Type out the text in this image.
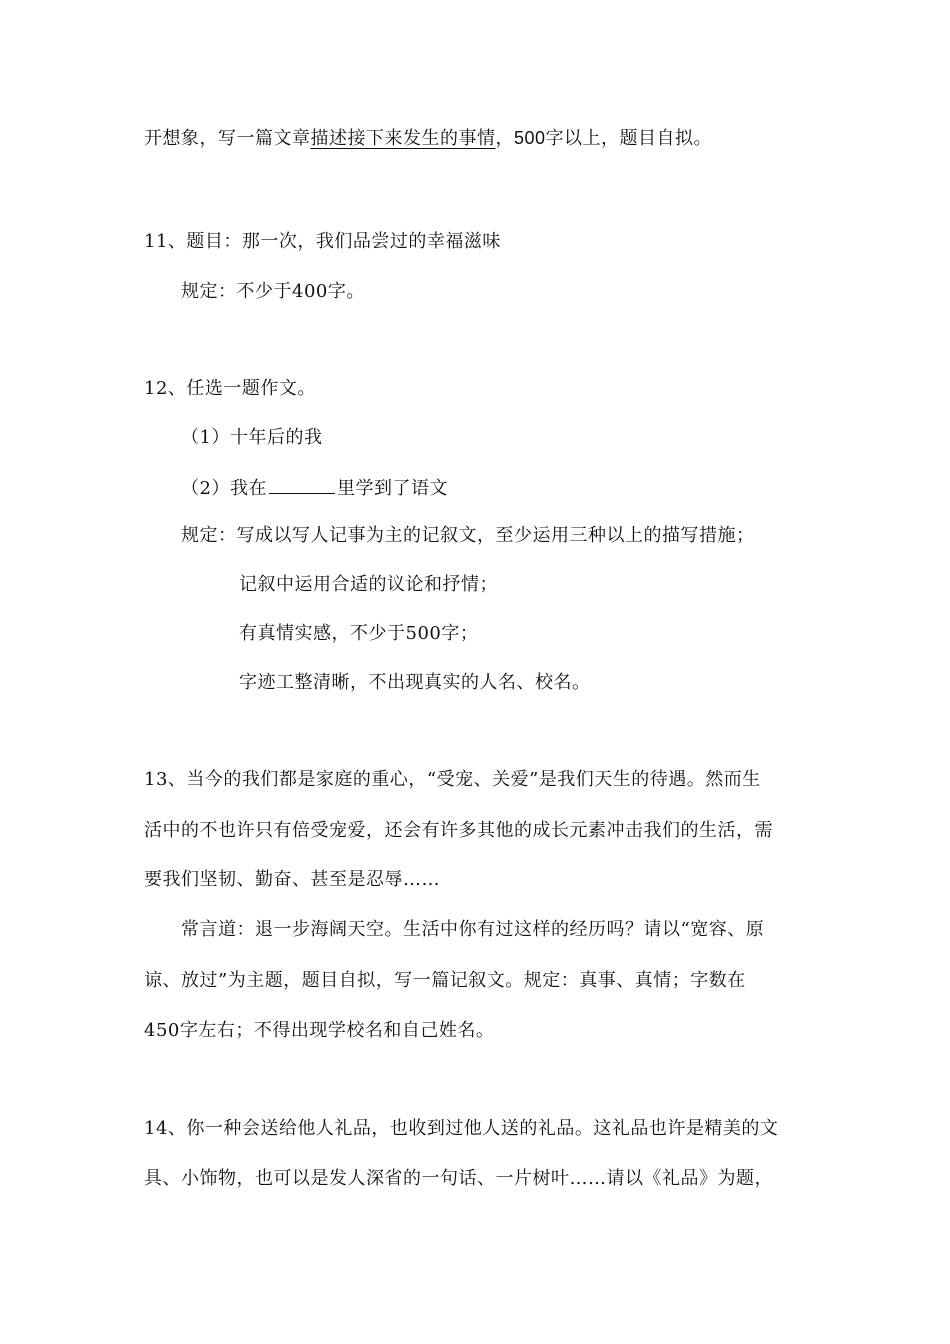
开想象，写一篇文章描述接下来发生的事情，500字以上，题目自拟。
11、题目：那一次，我们品尝过的幸福滋味
规定：不少于400字。
12、任选一题作文。
（1）十年后的我
（2）我在	里学到了语文
规定：写成以写人记事为主的记叙文，至少运用三种以上的描写措施；
记叙中运用合适的议论和抒情；
有真情实感，不少于500字；
字迹工整清晰，不出现真实的人名、校名。
13、当今的我们都是家庭的重心，“受宠、关爱”是我们天生的待遇。然而生
活中的不也许只有倍受宠爱，还会有许多其他的成长元素冲击我们的生活，需
要我们坚韧、勤奋、甚至是忍辱……
常言道：退一步海阔天空。生活中你有过这样的经历吗？请以“宽容、原
谅、放过”为主题，题目自拟，写一篇记叙文。规定：真事、真情；字数在
450字左右；不得出现学校名和自己姓名。
14、你一种会送给他人礼品，也收到过他人送的礼品。这礼品也许是精美的文
具、小饰物，也可以是发人深省的一句话、一片树叶……请以《礼品》为题，
